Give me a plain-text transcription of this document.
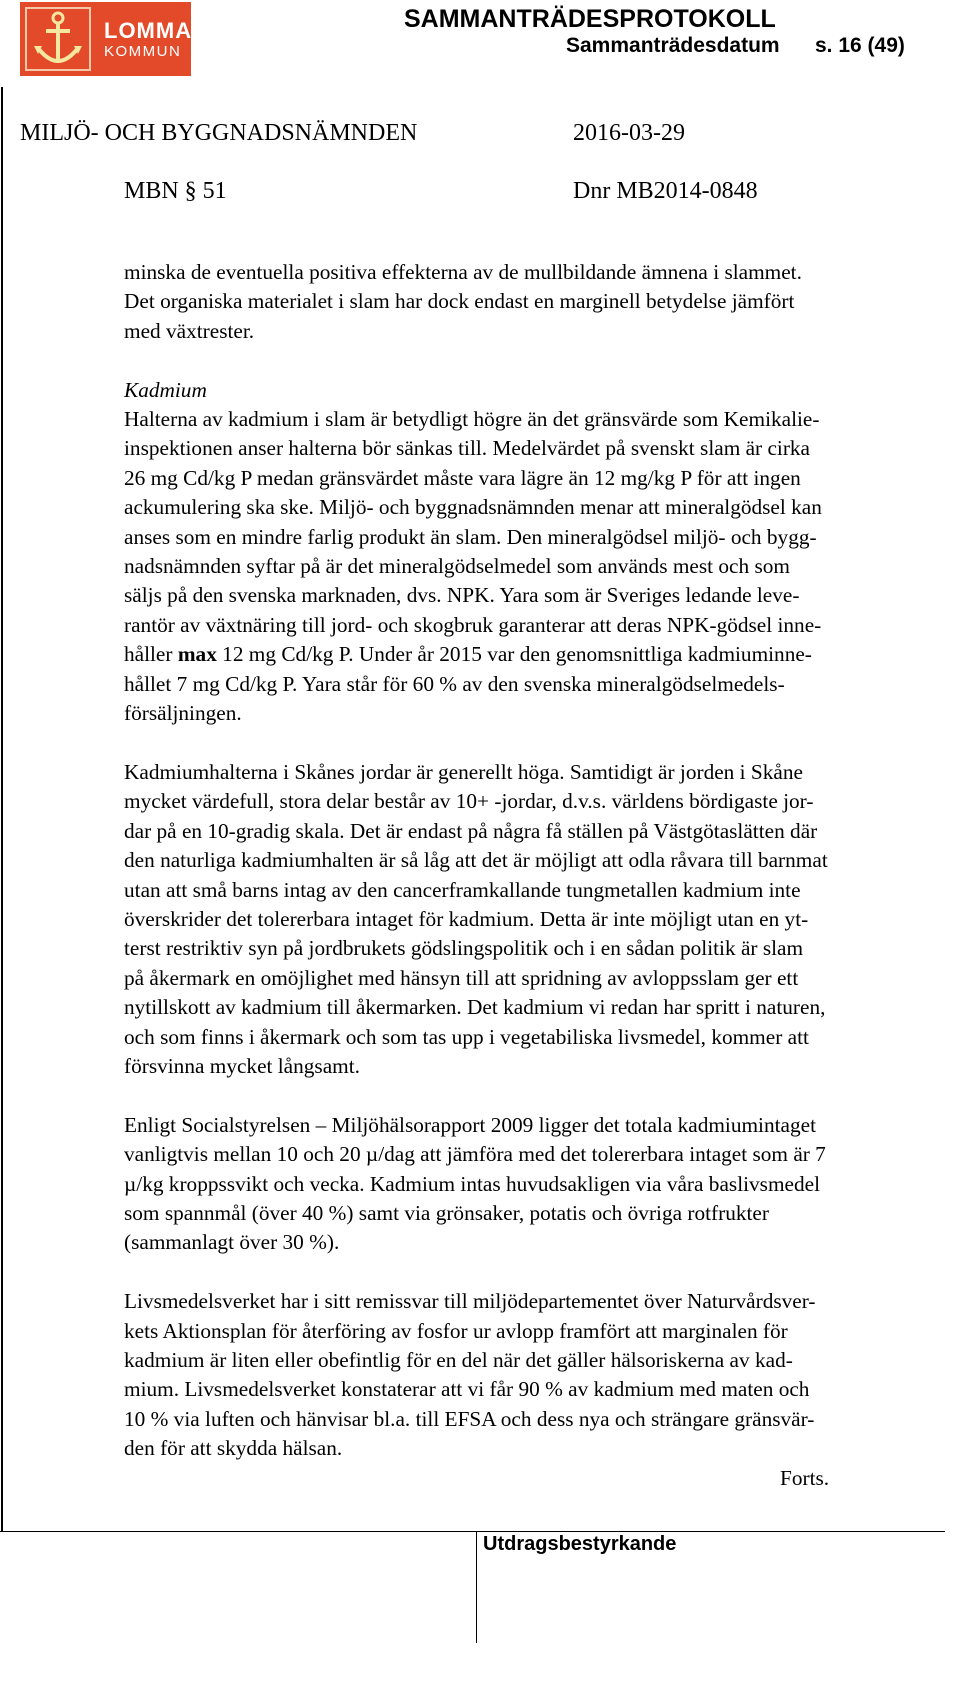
LOMMA
KOMMUN
SAMMANTRÄDESPROTOKOLL
Sammanträdesdatum s. 16 (49)
MILJÖ- OCH BYGGNADSNÄMNDEN	2016-03-29
MBN § 51	Dnr MB2014-0848

minska de eventuella positiva effekterna av de mullbildande ämnena i slammet.

Det organiska materialet i slam har dock endast en marginell betydelse jämfört

med växtrester.

Kadmium

Halterna av kadmium i slam är betydligt högre än det gränsvärde som Kemikalie-

inspektionen anser halterna bör sänkas till. Medelvärdet på svenskt slam är cirka

26 mg Cd/kg P medan gränsvärdet måste vara lägre än 12 mg/kg P för att ingen

ackumulering ska ske. Miljö- och byggnadsnämnden menar att mineralgödsel kan

anses som en mindre farlig produkt än slam. Den mineralgödsel miljö- och bygg-

nadsnämnden syftar på är det mineralgödselmedel som används mest och som

säljs på den svenska marknaden, dvs. NPK. Yara som är Sveriges ledande leve-

rantör av växtnäring till jord- och skogbruk garanterar att deras NPK-gödsel inne-

håller max 12 mg Cd/kg P. Under år 2015 var den genomsnittliga kadmiuminne-

hållet 7 mg Cd/kg P. Yara står för 60 % av den svenska mineralgödselmedels-

försäljningen.

Kadmiumhalterna i Skånes jordar är generellt höga. Samtidigt är jorden i Skåne

mycket värdefull, stora delar består av 10+ -jordar, d.v.s. världens bördigaste jor-

dar på en 10-gradig skala. Det är endast på några få ställen på Västgötaslätten där

den naturliga kadmiumhalten är så låg att det är möjligt att odla råvara till barnmat

utan att små barns intag av den cancerframkallande tungmetallen kadmium inte

överskrider det tolererbara intaget för kadmium. Detta är inte möjligt utan en yt-

terst restriktiv syn på jordbrukets gödslingspolitik och i en sådan politik är slam

på åkermark en omöjlighet med hänsyn till att spridning av avloppsslam ger ett

nytillskott av kadmium till åkermarken. Det kadmium vi redan har spritt i naturen,

och som finns i åkermark och som tas upp i vegetabiliska livsmedel, kommer att

försvinna mycket långsamt.

Enligt Socialstyrelsen – Miljöhälsorapport 2009 ligger det totala kadmiumintaget

vanligtvis mellan 10 och 20 µ/dag att jämföra med det tolererbara intaget som är 7

µ/kg kroppssvikt och vecka. Kadmium intas huvudsakligen via våra baslivsmedel

som spannmål (över 40 %) samt via grönsaker, potatis och övriga rotfrukter

(sammanlagt över 30 %).

Livsmedelsverket har i sitt remissvar till miljödepartementet över Naturvårdsver-

kets Aktionsplan för återföring av fosfor ur avlopp framfört att marginalen för

kadmium är liten eller obefintlig för en del när det gäller hälsoriskerna av kad-

mium. Livsmedelsverket konstaterar att vi får 90 % av kadmium med maten och

10 % via luften och hänvisar bl.a. till EFSA och dess nya och strängare gränsvär-

den för att skydda hälsan.

Forts.

Utdragsbestyrkande
